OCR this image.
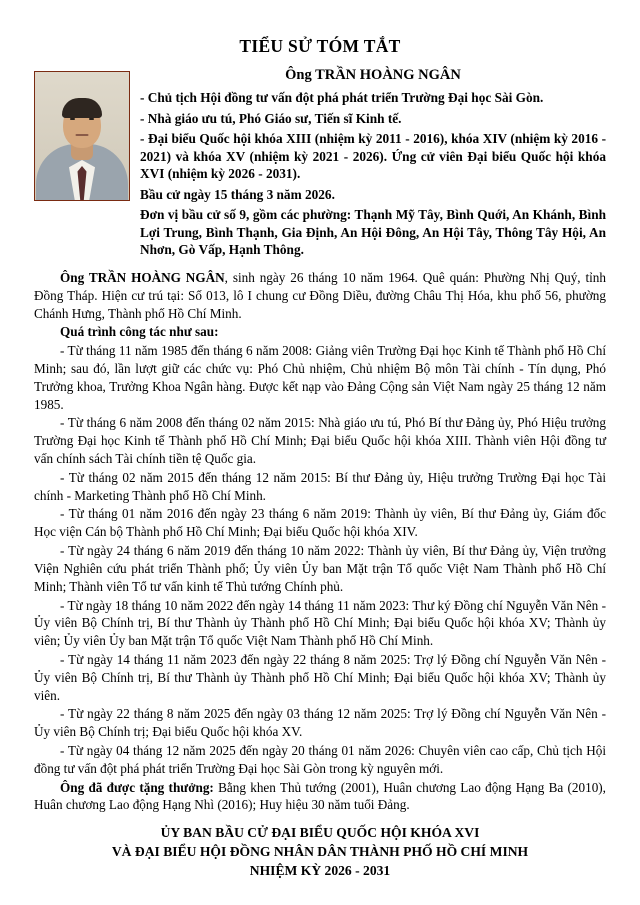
TIỂU SỬ TÓM TẮT
Ông TRẦN HOÀNG NGÂN

- Chủ tịch Hội đồng tư vấn đột phá phát triển Trường Đại học Sài Gòn.

- Nhà giáo ưu tú, Phó Giáo sư, Tiến sĩ Kinh tế.

- Đại biểu Quốc hội khóa XIII (nhiệm kỳ 2011 - 2016), khóa XIV (nhiệm kỳ 2016 - 2021) và khóa XV (nhiệm kỳ 2021 - 2026). Ứng cử viên Đại biểu Quốc hội khóa XVI (nhiệm kỳ 2026 - 2031).

Bầu cử ngày 15 tháng 3 năm 2026.

Đơn vị bầu cử số 9, gồm các phường: Thạnh Mỹ Tây, Bình Quới, An Khánh, Bình Lợi Trung, Bình Thạnh, Gia Định, An Hội Đông, An Hội Tây, Thông Tây Hội, An Nhơn, Gò Vấp, Hạnh Thông.

Ông TRẦN HOÀNG NGÂN, sinh ngày 26 tháng 10 năm 1964. Quê quán: Phường Nhị Quý, tỉnh Đồng Tháp. Hiện cư trú tại: Số 013, lô I chung cư Đồng Diều, đường Châu Thị Hóa, khu phố 56, phường Chánh Hưng, Thành phố Hồ Chí Minh.

Quá trình công tác như sau:

- Từ tháng 11 năm 1985 đến tháng 6 năm 2008: Giảng viên Trường Đại học Kinh tế Thành phố Hồ Chí Minh; sau đó, lần lượt giữ các chức vụ: Phó Chủ nhiệm, Chủ nhiệm Bộ môn Tài chính - Tín dụng, Phó Trưởng khoa, Trưởng Khoa Ngân hàng. Được kết nạp vào Đảng Cộng sản Việt Nam ngày 25 tháng 12 năm 1985.

- Từ tháng 6 năm 2008 đến tháng 02 năm 2015: Nhà giáo ưu tú, Phó Bí thư Đảng ủy, Phó Hiệu trưởng Trường Đại học Kinh tế Thành phố Hồ Chí Minh; Đại biểu Quốc hội khóa XIII. Thành viên Hội đồng tư vấn chính sách Tài chính tiền tệ Quốc gia.

- Từ tháng 02 năm 2015 đến tháng 12 năm 2015: Bí thư Đảng ủy, Hiệu trưởng Trường Đại học Tài chính - Marketing Thành phố Hồ Chí Minh.

- Từ tháng 01 năm 2016 đến ngày 23 tháng 6 năm 2019: Thành ủy viên, Bí thư Đảng ủy, Giám đốc Học viện Cán bộ Thành phố Hồ Chí Minh; Đại biểu Quốc hội khóa XIV.

- Từ ngày 24 tháng 6 năm 2019 đến tháng 10 năm 2022: Thành ủy viên, Bí thư Đảng ủy, Viện trưởng Viện Nghiên cứu phát triển Thành phố; Ủy viên Ủy ban Mặt trận Tổ quốc Việt Nam Thành phố Hồ Chí Minh; Thành viên Tổ tư vấn kinh tế Thủ tướng Chính phủ.

- Từ ngày 18 tháng 10 năm 2022 đến ngày 14 tháng 11 năm 2023: Thư ký Đồng chí Nguyễn Văn Nên - Ủy viên Bộ Chính trị, Bí thư Thành ủy Thành phố Hồ Chí Minh; Đại biểu Quốc hội khóa XV; Thành ủy viên; Ủy viên Ủy ban Mặt trận Tổ quốc Việt Nam Thành phố Hồ Chí Minh.

- Từ ngày 14 tháng 11 năm 2023 đến ngày 22 tháng 8 năm 2025: Trợ lý Đồng chí Nguyễn Văn Nên - Ủy viên Bộ Chính trị, Bí thư Thành ủy Thành phố Hồ Chí Minh; Đại biểu Quốc hội khóa XV; Thành ủy viên.

- Từ ngày 22 tháng 8 năm 2025 đến ngày 03 tháng 12 năm 2025: Trợ lý Đồng chí Nguyễn Văn Nên - Ủy viên Bộ Chính trị; Đại biểu Quốc hội khóa XV.

- Từ ngày 04 tháng 12 năm 2025 đến ngày 20 tháng 01 năm 2026: Chuyên viên cao cấp, Chủ tịch Hội đồng tư vấn đột phá phát triển Trường Đại học Sài Gòn trong kỳ nguyên mới.

Ông đã được tặng thưởng: Bằng khen Thủ tướng (2001), Huân chương Lao động Hạng Ba (2010), Huân chương Lao động Hạng Nhì (2016); Huy hiệu 30 năm tuổi Đảng.

ỦY BAN BẦU CỬ ĐẠI BIỂU QUỐC HỘI KHÓA XVI
VÀ ĐẠI BIỂU HỘI ĐỒNG NHÂN DÂN THÀNH PHỐ HỒ CHÍ MINH
NHIỆM KỲ 2026 - 2031
